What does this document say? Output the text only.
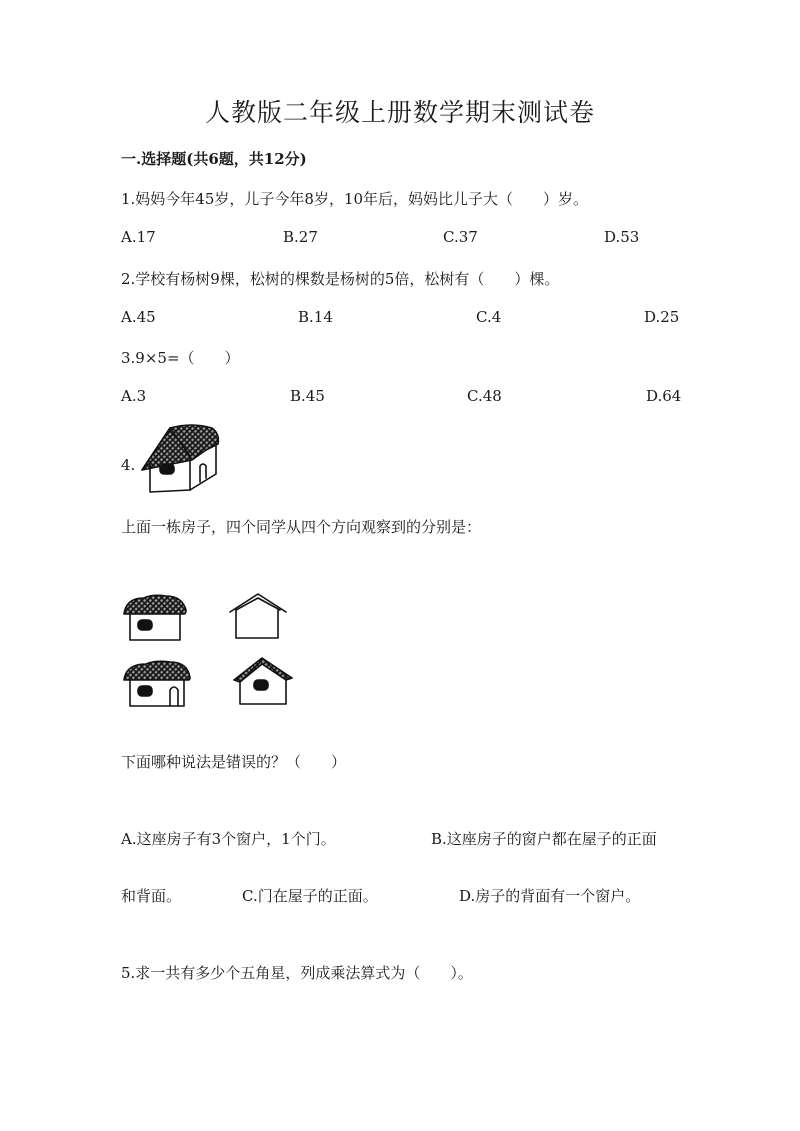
人教版二年级上册数学期末测试卷
一.选择题(共6题，共12分)
1.妈妈今年45岁，儿子今年8岁，10年后，妈妈比儿子大（　　）岁。
A.17	B.27	C.37	D.53
2.学校有杨树9棵，松树的棵数是杨树的5倍，松树有（　　）棵。
A.45	B.14	C.4	D.25
3.9×5=（　　）
A.3	B.45	C.48	D.64
4.
上面一栋房子，四个同学从四个方向观察到的分别是：
下面哪种说法是错误的？（　　）
A.这座房子有3个窗户，1个门。	B.这座房子的窗户都在屋子的正面
和背面。	C.门在屋子的正面。	D.房子的背面有一个窗户。
5.求一共有多少个五角星，列成乘法算式为（　　）。
